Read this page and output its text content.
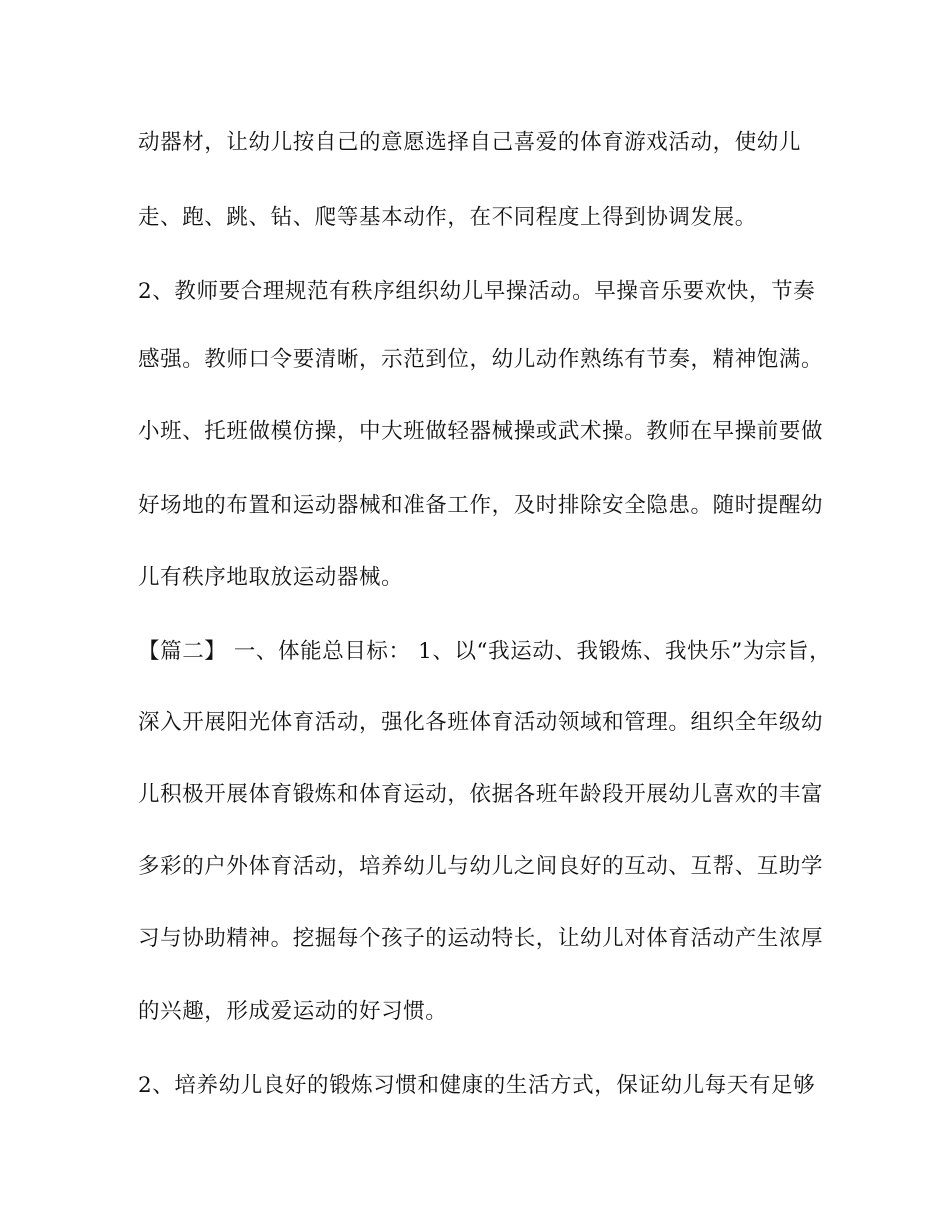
动器材，让幼儿按自己的意愿选择自己喜爱的体育游戏活动，使幼儿
走、跑、跳、钻、爬等基本动作，在不同程度上得到协调发展。
2、教师要合理规范有秩序组织幼儿早操活动。早操音乐要欢快，节奏
感强。教师口令要清晰，示范到位，幼儿动作熟练有节奏，精神饱满。
小班、托班做模仿操，中大班做轻器械操或武术操。教师在早操前要做
好场地的布置和运动器械和准备工作，及时排除安全隐患。随时提醒幼
儿有秩序地取放运动器械。
【篇二】 一、体能总目标： 1、以“我运动、我锻炼、我快乐”为宗旨，
深入开展阳光体育活动，强化各班体育活动领域和管理。组织全年级幼
儿积极开展体育锻炼和体育运动，依据各班年龄段开展幼儿喜欢的丰富
多彩的户外体育活动，培养幼儿与幼儿之间良好的互动、互帮、互助学
习与协助精神。挖掘每个孩子的运动特长，让幼儿对体育活动产生浓厚
的兴趣，形成爱运动的好习惯。
2、培养幼儿良好的锻炼习惯和健康的生活方式，保证幼儿每天有足够
